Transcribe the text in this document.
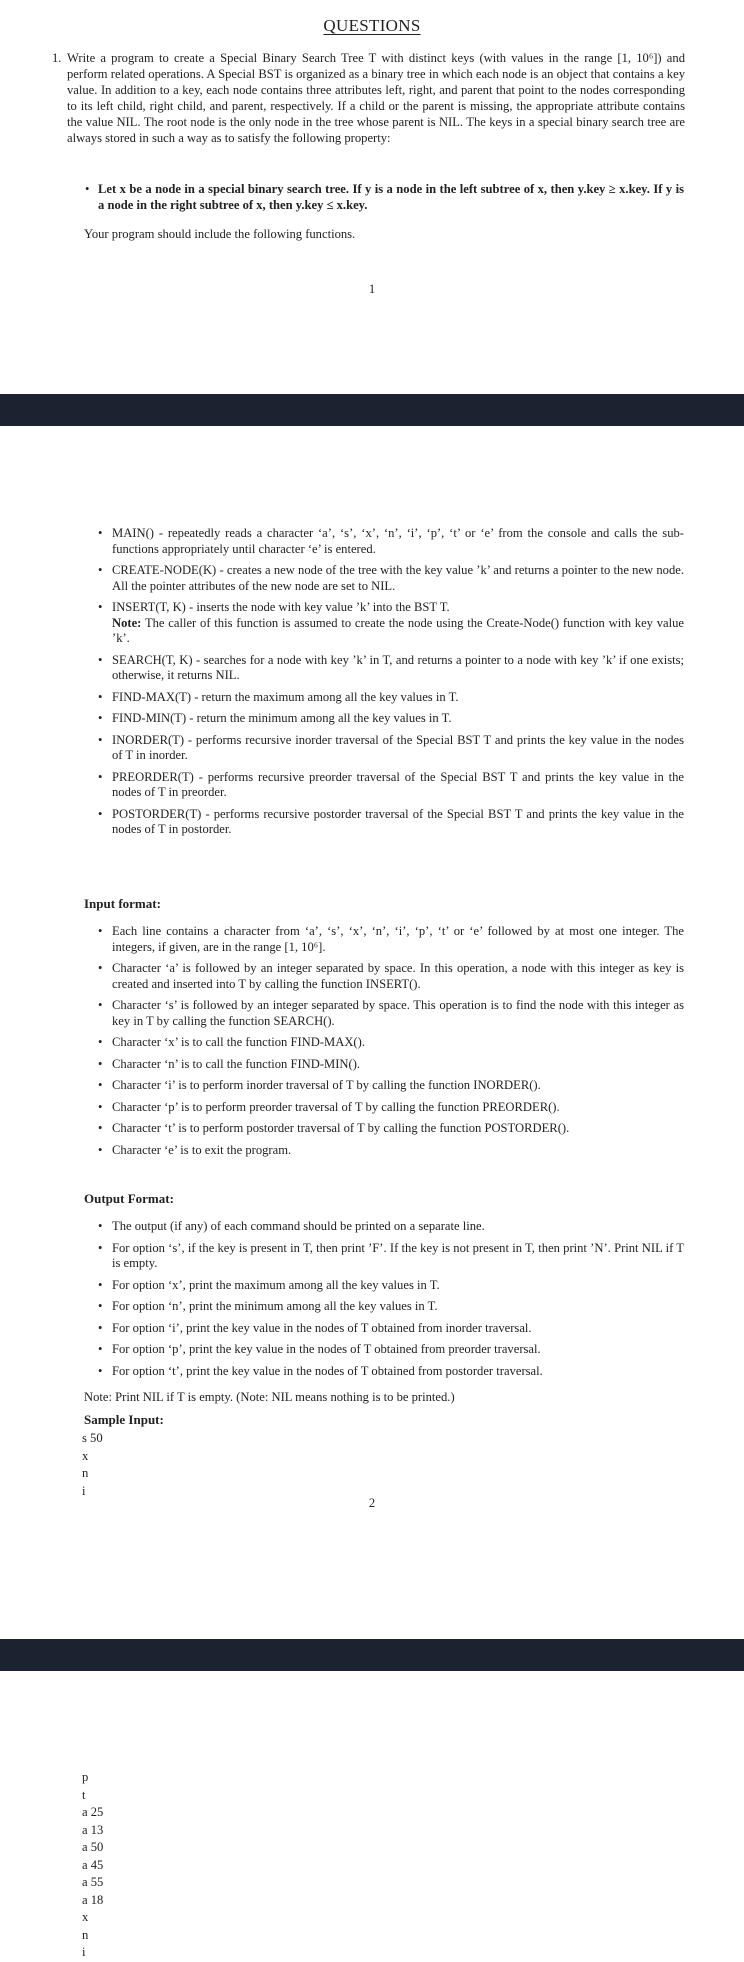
QUESTIONS
1. Write a program to create a Special Binary Search Tree T with distinct keys (with values in the range [1, 10⁶]) and perform related operations. A Special BST is organized as a binary tree in which each node is an object that contains a key value. In addition to a key, each node contains three attributes left, right, and parent that point to the nodes corresponding to its left child, right child, and parent, respectively. If a child or the parent is missing, the appropriate attribute contains the value NIL. The root node is the only node in the tree whose parent is NIL. The keys in a special binary search tree are always stored in such a way as to satisfy the following property:
• Let x be a node in a special binary search tree. If y is a node in the left subtree of x, then y.key ≥ x.key. If y is a node in the right subtree of x, then y.key ≤ x.key.
Your program should include the following functions.
1
• MAIN() - repeatedly reads a character ‘a’, ‘s’, ‘x’, ‘n’, ‘i’, ‘p’, ‘t’ or ‘e’ from the console and calls the sub-functions appropriately until character ‘e’ is entered.
• CREATE-NODE(K) - creates a new node of the tree with the key value ’k’ and returns a pointer to the new node. All the pointer attributes of the new node are set to NIL.
• INSERT(T, K) - inserts the node with key value ’k’ into the BST T.
Note: The caller of this function is assumed to create the node using the Create-Node() function with key value ’k’.
• SEARCH(T, K) - searches for a node with key ’k’ in T, and returns a pointer to a node with key ’k’ if one exists; otherwise, it returns NIL.
• FIND-MAX(T) - return the maximum among all the key values in T.
• FIND-MIN(T) - return the minimum among all the key values in T.
• INORDER(T) - performs recursive inorder traversal of the Special BST T and prints the key value in the nodes of T in inorder.
• PREORDER(T) - performs recursive preorder traversal of the Special BST T and prints the key value in the nodes of T in preorder.
• POSTORDER(T) - performs recursive postorder traversal of the Special BST T and prints the key value in the nodes of T in postorder.
Input format:
• Each line contains a character from ‘a’, ‘s’, ‘x’, ‘n’, ‘i’, ‘p’, ‘t’ or ‘e’ followed by at most one integer. The integers, if given, are in the range [1, 10⁶].
• Character ‘a’ is followed by an integer separated by space. In this operation, a node with this integer as key is created and inserted into T by calling the function INSERT().
• Character ‘s’ is followed by an integer separated by space. This operation is to find the node with this integer as key in T by calling the function SEARCH().
• Character ‘x’ is to call the function FIND-MAX().
• Character ‘n’ is to call the function FIND-MIN().
• Character ‘i’ is to perform inorder traversal of T by calling the function INORDER().
• Character ‘p’ is to perform preorder traversal of T by calling the function PREORDER().
• Character ‘t’ is to perform postorder traversal of T by calling the function POSTORDER().
• Character ‘e’ is to exit the program.
Output Format:
• The output (if any) of each command should be printed on a separate line.
• For option ‘s’, if the key is present in T, then print ’F’. If the key is not present in T, then print ’N’. Print NIL if T is empty.
• For option ‘x’, print the maximum among all the key values in T.
• For option ‘n’, print the minimum among all the key values in T.
• For option ‘i’, print the key value in the nodes of T obtained from inorder traversal.
• For option ‘p’, print the key value in the nodes of T obtained from preorder traversal.
• For option ‘t’, print the key value in the nodes of T obtained from postorder traversal.
Note: Print NIL if T is empty. (Note: NIL means nothing is to be printed.)
Sample Input:
s 50
x
n
i
2
p
t
a 25
a 13
a 50
a 45
a 55
a 18
x
n
i
